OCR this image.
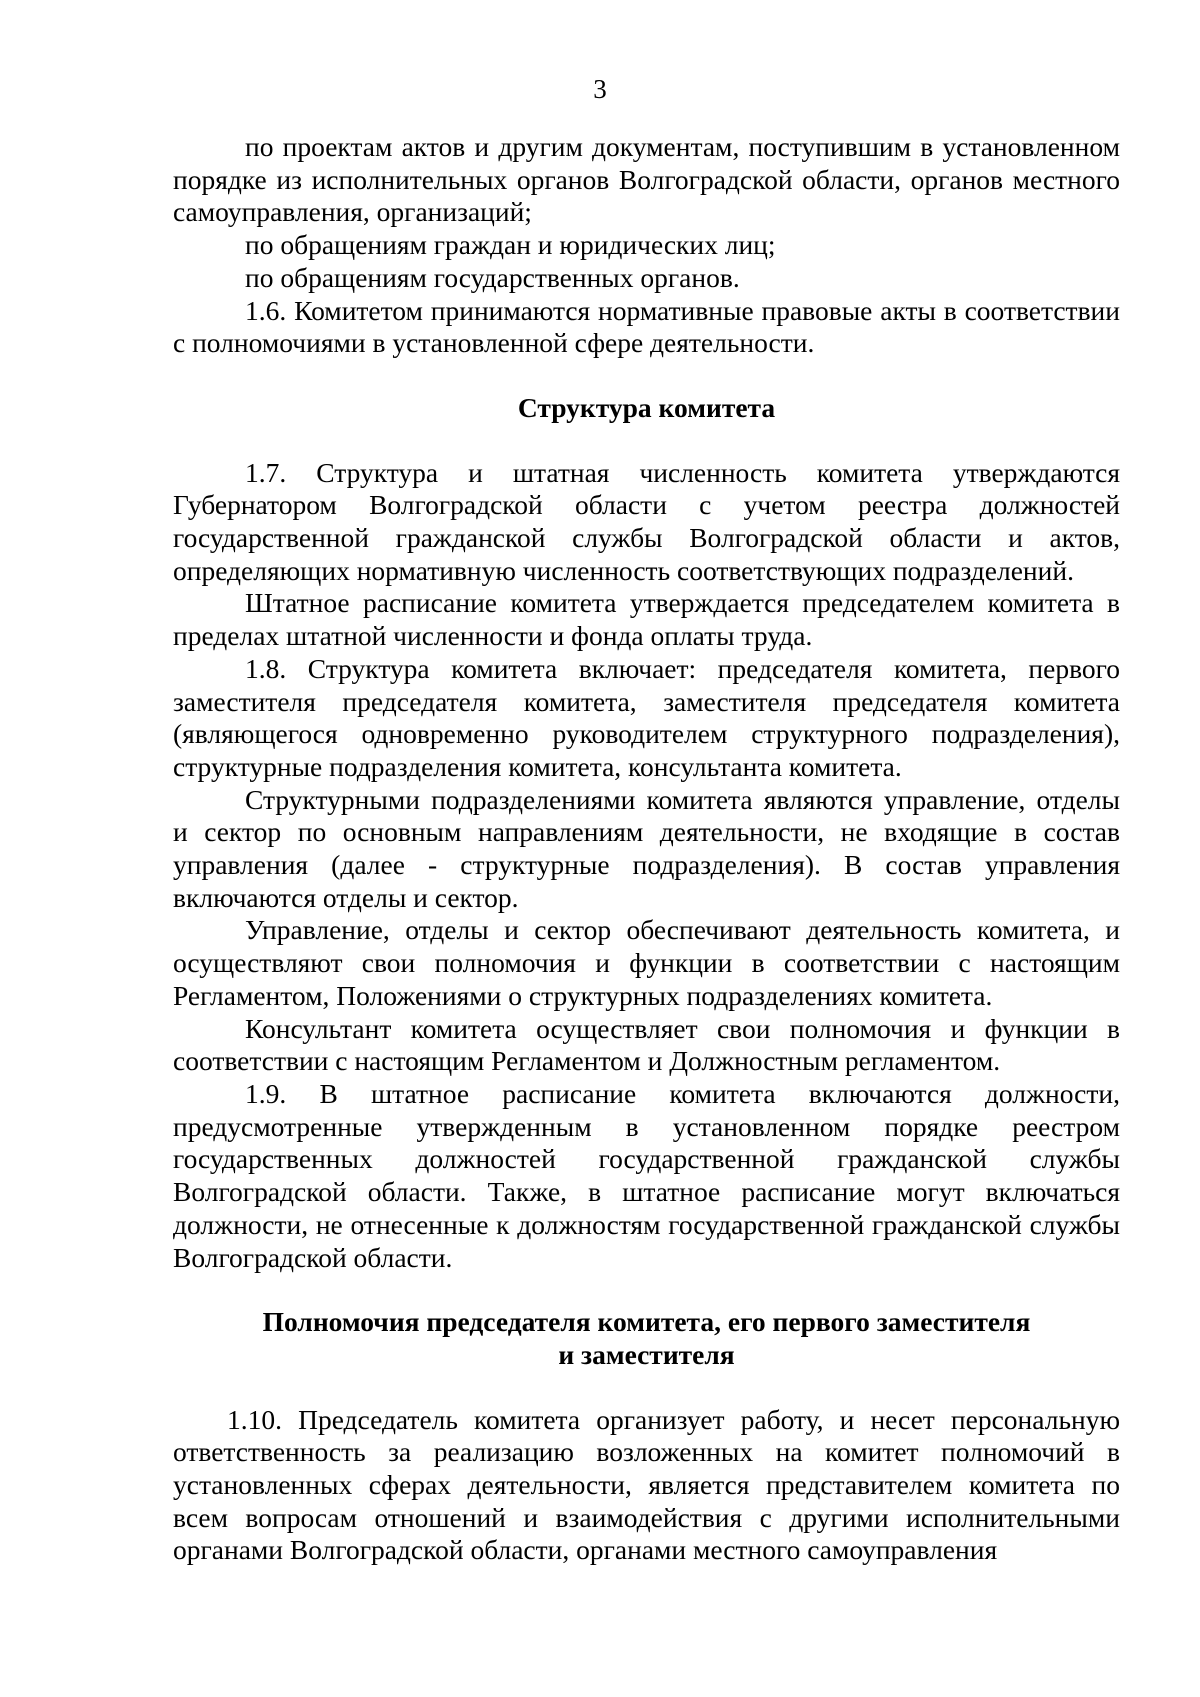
3

по проектам актов и другим документам, поступившим в установленном порядке из исполнительных органов Волгоградской области, органов местного самоуправления, организаций;

по обращениям граждан и юридических лиц;

по обращениям государственных органов.

1.6. Комитетом принимаются нормативные правовые акты в соответствии с полномочиями в установленной сфере деятельности.

Структура комитета

1.7. Структура и штатная численность комитета утверждаются Губернатором Волгоградской области с учетом реестра должностей государственной гражданской службы Волгоградской области и актов, определяющих нормативную численность соответствующих подразделений.

Штатное расписание комитета утверждается председателем комитета в пределах штатной численности и фонда оплаты труда.

1.8. Структура комитета включает: председателя комитета, первого заместителя председателя комитета, заместителя председателя комитета (являющегося одновременно руководителем структурного подразделения), структурные подразделения комитета, консультанта комитета.

Структурными подразделениями комитета являются управление, отделы и сектор по основным направлениям деятельности, не входящие в состав управления (далее - структурные подразделения). В состав управления включаются отделы и сектор.

Управление, отделы и сектор обеспечивают деятельность комитета, и осуществляют свои полномочия и функции в соответствии с настоящим Регламентом, Положениями о структурных подразделениях комитета.

Консультант комитета осуществляет свои полномочия и функции в соответствии с настоящим Регламентом и Должностным регламентом.

1.9. В штатное расписание комитета включаются должности, предусмотренные утвержденным в установленном порядке реестром государственных должностей государственной гражданской службы Волгоградской области. Также, в штатное расписание могут включаться должности, не отнесенные к должностям государственной гражданской службы Волгоградской области.

Полномочия председателя комитета, его первого заместителя

и заместителя

1.10. Председатель комитета организует работу, и несет персональную ответственность за реализацию возложенных на комитет полномочий в установленных сферах деятельности, является представителем комитета по всем вопросам отношений и взаимодействия с другими исполнительными органами Волгоградской области, органами местного самоуправления
